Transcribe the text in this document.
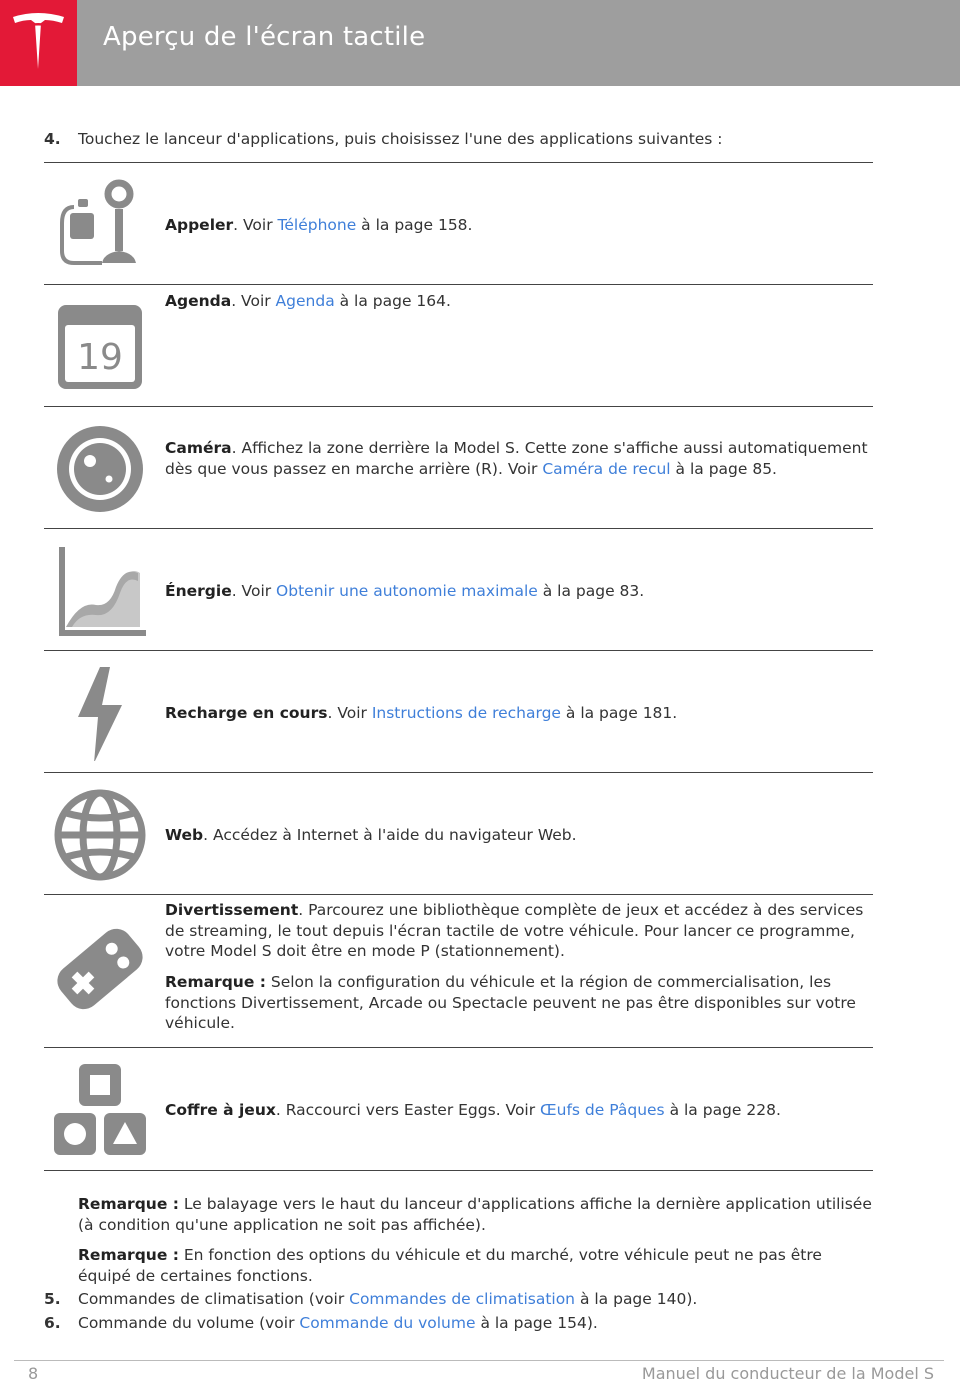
Aperçu de l'écran tactile
4. Touchez le lanceur d'applications, puis choisissez l'une des applications suivantes :
Appeler. Voir Téléphone à la page 158.
19
Agenda. Voir Agenda à la page 164.
Caméra. Affichez la zone derrière la Model S. Cette zone s'affiche aussi automatiquement dès que vous passez en marche arrière (R). Voir Caméra de recul à la page 85.
Énergie. Voir Obtenir une autonomie maximale à la page 83.
Recharge en cours. Voir Instructions de recharge à la page 181.
Web. Accédez à Internet à l'aide du navigateur Web.
Divertissement. Parcourez une bibliothèque complète de jeux et accédez à des services de streaming, le tout depuis l'écran tactile de votre véhicule. Pour lancer ce programme, votre Model S doit être en mode P (stationnement).
Remarque : Selon la configuration du véhicule et la région de commercialisation, les fonctions Divertissement, Arcade ou Spectacle peuvent ne pas être disponibles sur votre véhicule.
Coffre à jeux. Raccourci vers Easter Eggs. Voir Œufs de Pâques à la page 228.
Remarque : Le balayage vers le haut du lanceur d'applications affiche la dernière application utilisée (à condition qu'une application ne soit pas affichée).
Remarque : En fonction des options du véhicule et du marché, votre véhicule peut ne pas être équipé de certaines fonctions.
5. Commandes de climatisation (voir Commandes de climatisation à la page 140).
6. Commande du volume (voir Commande du volume à la page 154).
8	Manuel du conducteur de la Model S
